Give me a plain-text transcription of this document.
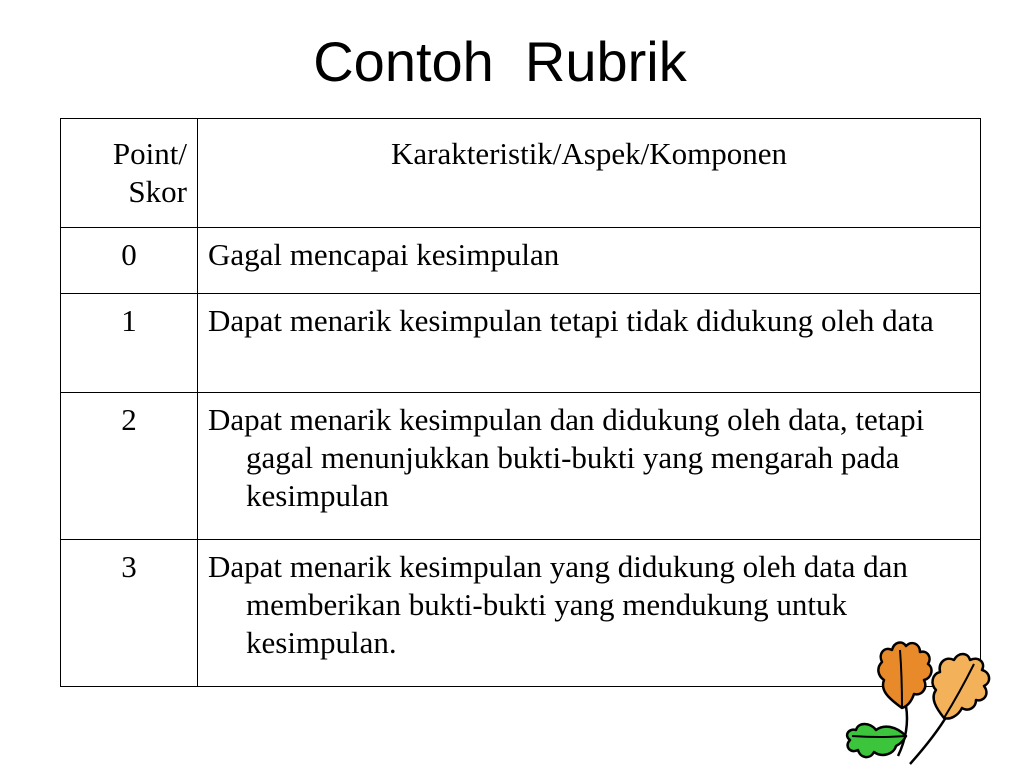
Contoh  Rubrik
Point/ Skor	Karakteristik/Aspek/Komponen
0	Gagal mencapai kesimpulan

1	Dapat menarik kesimpulan tetapi tidak didukung oleh data

2	Dapat menarik kesimpulan dan didukung oleh data, tetapi gagal menunjukkan bukti-bukti yang mengarah pada kesimpulan

3	Dapat menarik kesimpulan yang didukung oleh data dan memberikan bukti-bukti yang mendukung untuk kesimpulan.
